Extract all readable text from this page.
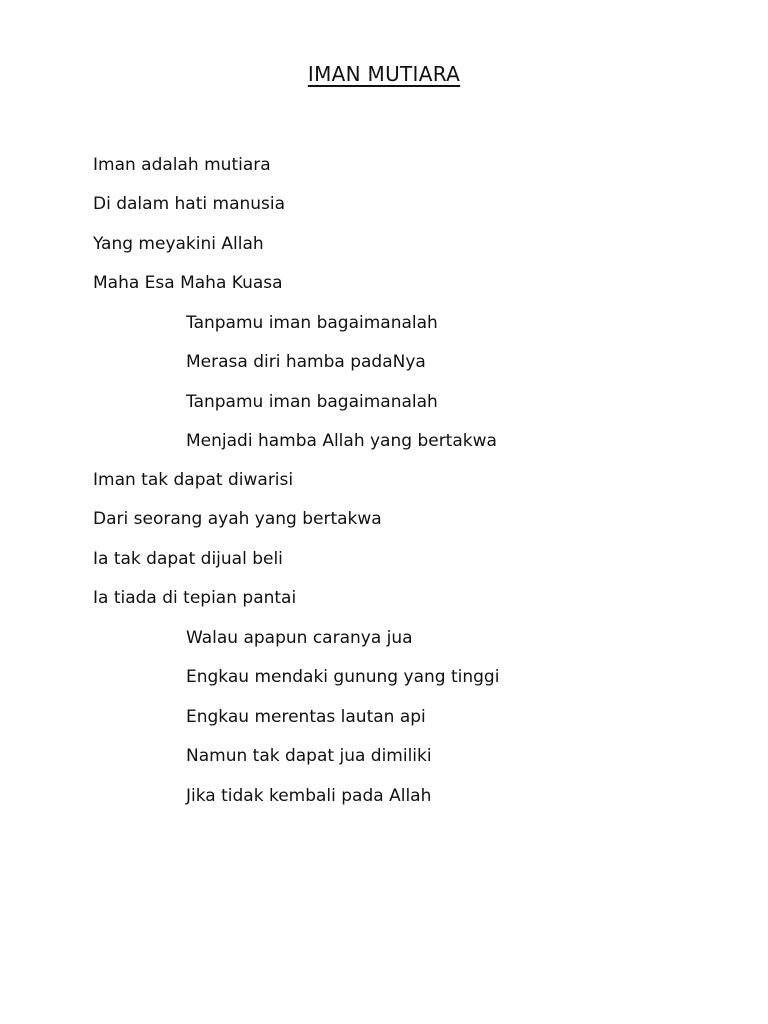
IMAN MUTIARA
Iman adalah mutiara
Di dalam hati manusia
Yang meyakini Allah
Maha Esa Maha Kuasa
Tanpamu iman bagaimanalah
Merasa diri hamba padaNya
Tanpamu iman bagaimanalah
Menjadi hamba Allah yang bertakwa
Iman tak dapat diwarisi
Dari seorang ayah yang bertakwa
Ia tak dapat dijual beli
Ia tiada di tepian pantai
Walau apapun caranya jua
Engkau mendaki gunung yang tinggi
Engkau merentas lautan api
Namun tak dapat jua dimiliki
Jika tidak kembali pada Allah
